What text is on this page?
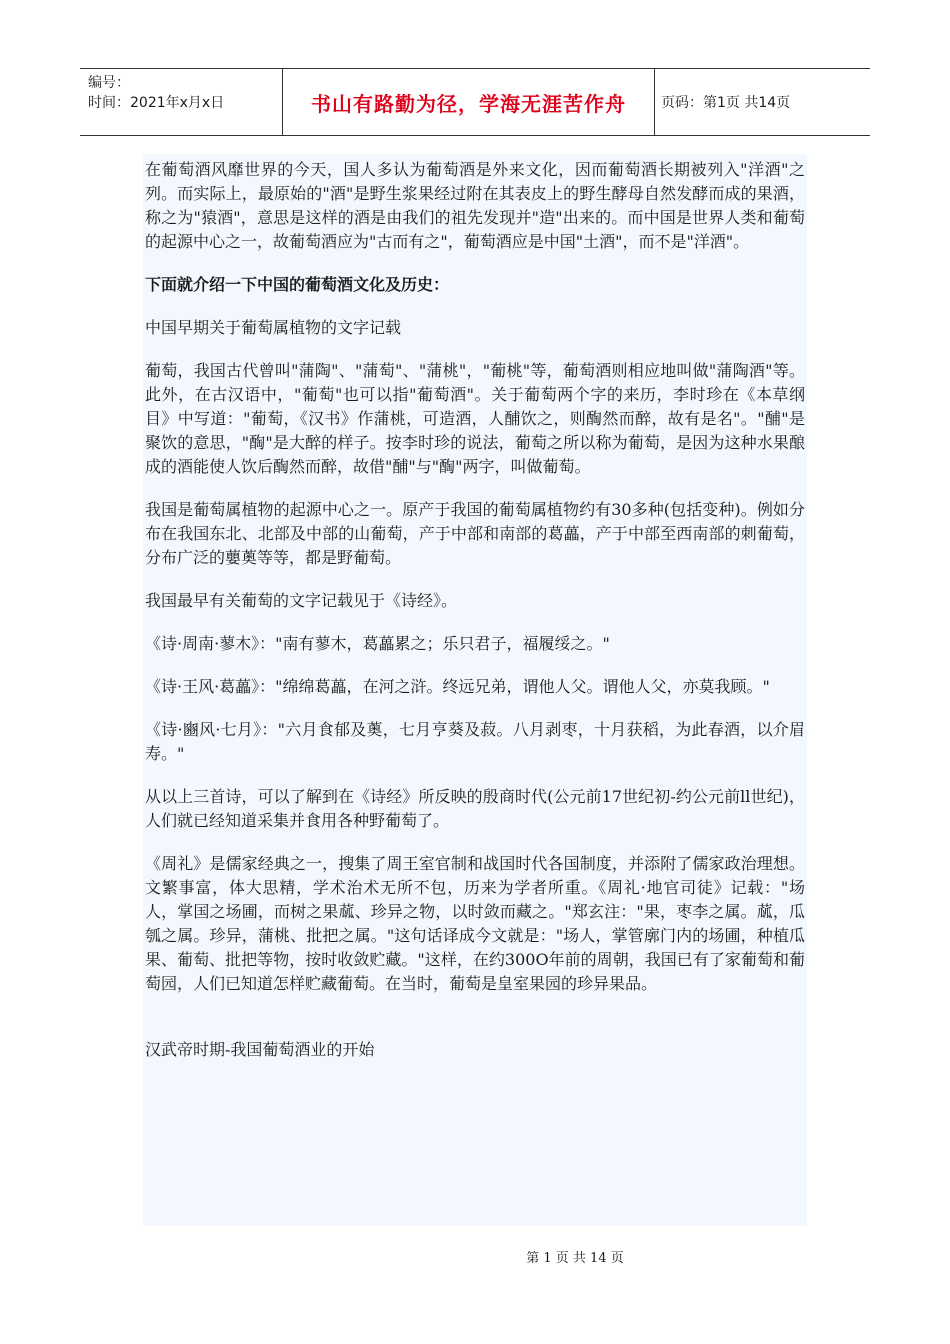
编号：
时间：2021年x月x日	书山有路勤为径，学海无涯苦作舟	页码：第1页 共14页
在葡萄酒风靡世界的今天，国人多认为葡萄酒是外来文化，因而葡萄酒长期被列入"洋酒"之列。而实际上，最原始的"酒"是野生浆果经过附在其表皮上的野生酵母自然发酵而成的果酒，称之为"猿酒"，意思是这样的酒是由我们的祖先发现并"造"出来的。而中国是世界人类和葡萄的起源中心之一，故葡萄酒应为"古而有之"，葡萄酒应是中国"土酒"，而不是"洋酒"。
下面就介绍一下中国的葡萄酒文化及历史：
中国早期关于葡萄属植物的文字记载
葡萄，我国古代曾叫"蒲陶"、"蒲萄"、"蒲桃"，"葡桃"等，葡萄酒则相应地叫做"蒲陶酒"等。此外，在古汉语中，"葡萄"也可以指"葡萄酒"。关于葡萄两个字的来历，李时珍在《本草纲目》中写道："葡萄，《汉书》作蒲桃，可造酒，人酺饮之，则醄然而醉，故有是名"。"酺"是聚饮的意思，"醄"是大醉的样子。按李时珍的说法，葡萄之所以称为葡萄，是因为这种水果酿成的酒能使人饮后醄然而醉，故借"酺"与"醄"两字，叫做葡萄。
我国是葡萄属植物的起源中心之一。原产于我国的葡萄属植物约有30多种(包括变种)。例如分布在我国东北、北部及中部的山葡萄，产于中部和南部的葛藟，产于中部至西南部的刺葡萄，分布广泛的蘡薁等等，都是野葡萄。
我国最早有关葡萄的文字记载见于《诗经》。
《诗·周南·蓼木》："南有蓼木，葛藟累之；乐只君子，福履绥之。"
《诗·王风·葛藟》："绵绵葛藟，在河之浒。终远兄弟，谓他人父。谓他人父，亦莫我顾。"
《诗·豳风·七月》："六月食郁及薁，七月亨葵及菽。八月剥枣，十月获稻，为此春酒，以介眉寿。"
从以上三首诗，可以了解到在《诗经》所反映的殷商时代(公元前17世纪初-约公元前ll世纪)，人们就已经知道采集并食用各种野葡萄了。
《周礼》是儒家经典之一，搜集了周王室官制和战国时代各国制度，并添附了儒家政治理想。文繁事富，体大思精，学术治术无所不包，历来为学者所重。《周礼·地官司徒》记载："场人，掌国之场圃，而树之果蓏、珍异之物，以时敛而藏之。"郑玄注："果，枣李之属。蓏，瓜瓠之属。珍异，蒲桃、批把之属。"这句话译成今文就是："场人，掌管廓门内的场圃，种植瓜果、葡萄、批把等物，按时收敛贮藏。"这样，在约300O年前的周朝，我国已有了家葡萄和葡萄园，人们已知道怎样贮藏葡萄。在当时，葡萄是皇室果园的珍异果品。
汉武帝时期-我国葡萄酒业的开始
第 1 页 共 14 页
